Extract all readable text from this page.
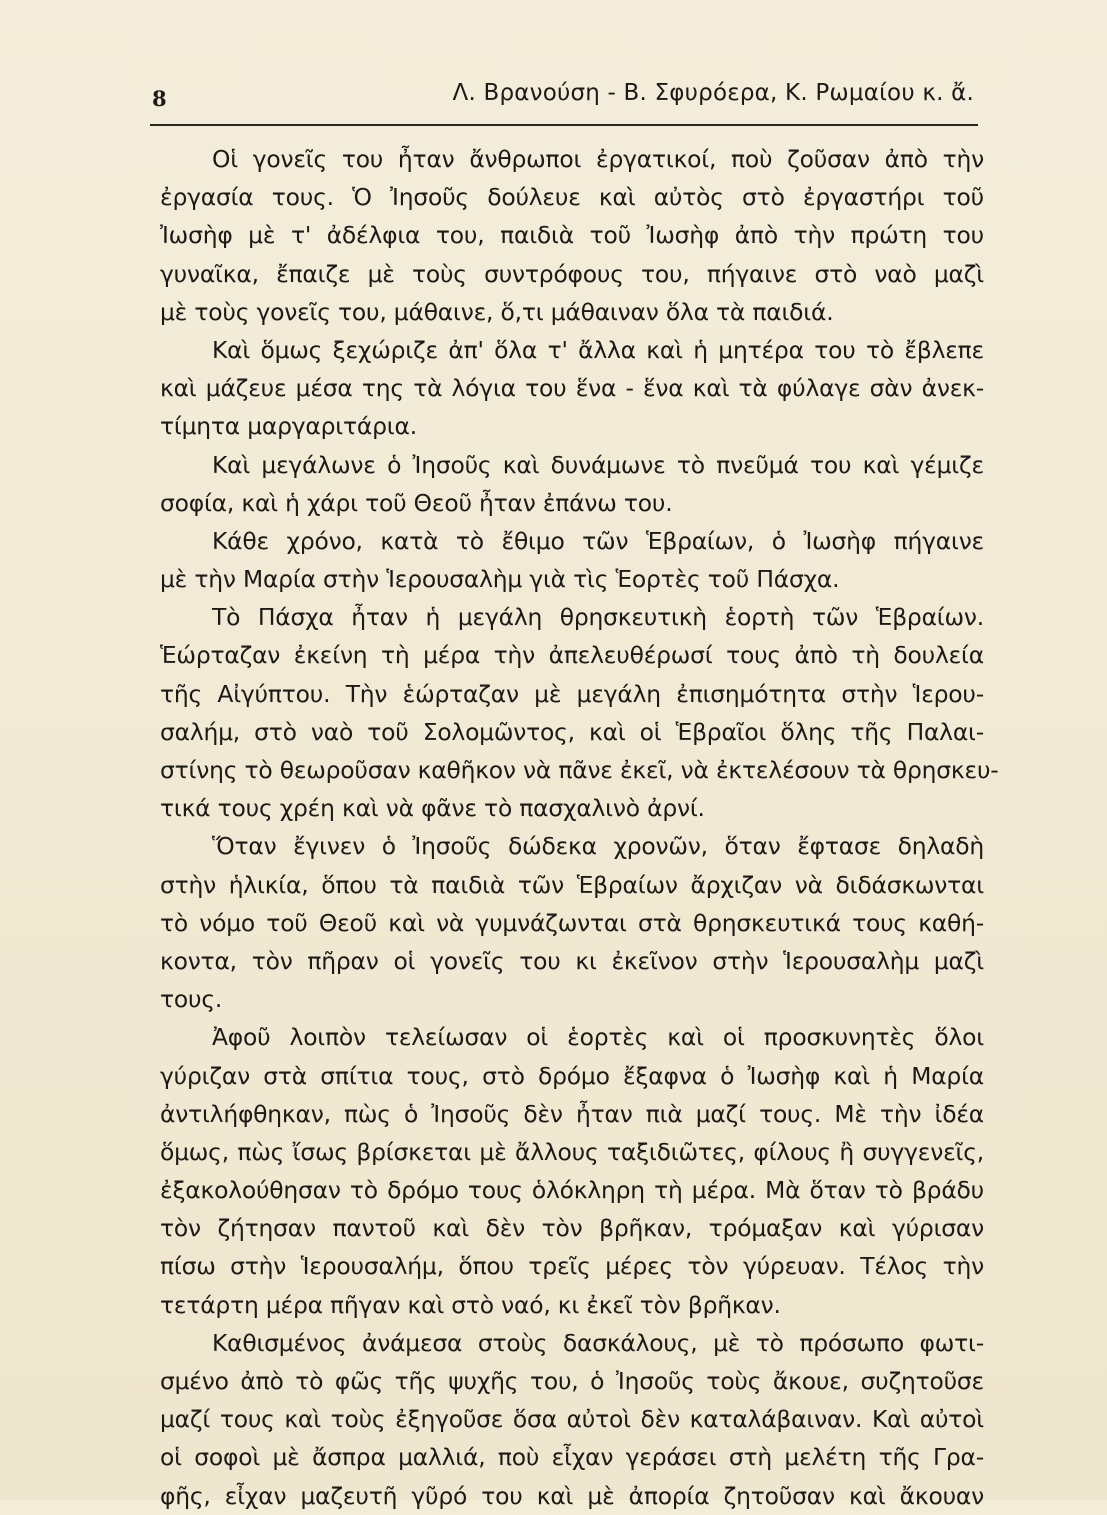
8	Λ. Βρανούση - Β. Σφυρόερα, Κ. Ρωμαίου κ. ἄ.
Οἱ γονεῖς του ἦταν ἄνθρωποι ἐργατικοί, ποὺ ζοῦσαν ἀπὸ τὴν
ἐργασία τους. Ὁ Ἰησοῦς δούλευε καὶ αὐτὸς στὸ ἐργαστήρι τοῦ
Ἰωσὴφ μὲ τ' ἀδέλφια του, παιδιὰ τοῦ Ἰωσὴφ ἀπὸ τὴν πρώτη του
γυναῖκα, ἔπαιζε μὲ τοὺς συντρόφους του, πήγαινε στὸ ναὸ μαζὶ
μὲ τοὺς γονεῖς του, μάθαινε, ὅ,τι μάθαιναν ὅλα τὰ παιδιά.
Καὶ ὅμως ξεχώριζε ἀπ' ὅλα τ' ἄλλα καὶ ἡ μητέρα του τὸ ἔβλεπε
καὶ μάζευε μέσα της τὰ λόγια του ἕνα - ἕνα καὶ τὰ φύλαγε σὰν ἀνεκ-
τίμητα μαργαριτάρια.
Καὶ μεγάλωνε ὁ Ἰησοῦς καὶ δυνάμωνε τὸ πνεῦμά του καὶ γέμιζε
σοφία, καὶ ἡ χάρι τοῦ Θεοῦ ἦταν ἐπάνω του.
Κάθε χρόνο, κατὰ τὸ ἔθιμο τῶν Ἑβραίων, ὁ Ἰωσὴφ πήγαινε
μὲ τὴν Μαρία στὴν Ἱερουσαλὴμ γιὰ τὶς Ἑορτὲς τοῦ Πάσχα.
Τὸ Πάσχα ἦταν ἡ μεγάλη θρησκευτικὴ ἑορτὴ τῶν Ἑβραίων.
Ἑώρταζαν ἐκείνη τὴ μέρα τὴν ἀπελευθέρωσί τους ἀπὸ τὴ δουλεία
τῆς Αἰγύπτου. Τὴν ἑώρταζαν μὲ μεγάλη ἐπισημότητα στὴν Ἱερου-
σαλήμ, στὸ ναὸ τοῦ Σολομῶντος, καὶ οἱ Ἑβραῖοι ὅλης τῆς Παλαι-
στίνης τὸ θεωροῦσαν καθῆκον νὰ πᾶνε ἐκεῖ, νὰ ἐκτελέσουν τὰ θρησκευ-
τικά τους χρέη καὶ νὰ φᾶνε τὸ πασχαλινὸ ἀρνί.
Ὅταν ἔγινεν ὁ Ἰησοῦς δώδεκα χρονῶν, ὅταν ἔφτασε δηλαδὴ
στὴν ἡλικία, ὅπου τὰ παιδιὰ τῶν Ἑβραίων ἄρχιζαν νὰ διδάσκωνται
τὸ νόμο τοῦ Θεοῦ καὶ νὰ γυμνάζωνται στὰ θρησκευτικά τους καθή-
κοντα, τὸν πῆραν οἱ γονεῖς του κι ἐκεῖνον στὴν Ἱερουσαλὴμ μαζὶ
τους.
Ἀφοῦ λοιπὸν τελείωσαν οἱ ἑορτὲς καὶ οἱ προσκυνητὲς ὅλοι
γύριζαν στὰ σπίτια τους, στὸ δρόμο ἔξαφνα ὁ Ἰωσὴφ καὶ ἡ Μαρία
ἀντιλήφθηκαν, πὼς ὁ Ἰησοῦς δὲν ἦταν πιὰ μαζί τους. Μὲ τὴν ἰδέα
ὅμως, πὼς ἴσως βρίσκεται μὲ ἄλλους ταξιδιῶτες, φίλους ἢ συγγενεῖς,
ἐξακολούθησαν τὸ δρόμο τους ὁλόκληρη τὴ μέρα. Μὰ ὅταν τὸ βράδυ
τὸν ζήτησαν παντοῦ καὶ δὲν τὸν βρῆκαν, τρόμαξαν καὶ γύρισαν
πίσω στὴν Ἱερουσαλήμ, ὅπου τρεῖς μέρες τὸν γύρευαν. Τέλος τὴν
τετάρτη μέρα πῆγαν καὶ στὸ ναό, κι ἐκεῖ τὸν βρῆκαν.
Καθισμένος ἀνάμεσα στοὺς δασκάλους, μὲ τὸ πρόσωπο φωτι-
σμένο ἀπὸ τὸ φῶς τῆς ψυχῆς του, ὁ Ἰησοῦς τοὺς ἄκουε, συζητοῦσε
μαζί τους καὶ τοὺς ἐξηγοῦσε ὅσα αὐτοὶ δὲν καταλάβαιναν. Καὶ αὐτοὶ
οἱ σοφοὶ μὲ ἄσπρα μαλλιά, ποὺ εἶχαν γεράσει στὴ μελέτη τῆς Γρα-
φῆς, εἶχαν μαζευτῆ γῦρό του καὶ μὲ ἀπορία ζητοῦσαν καὶ ἄκουαν
